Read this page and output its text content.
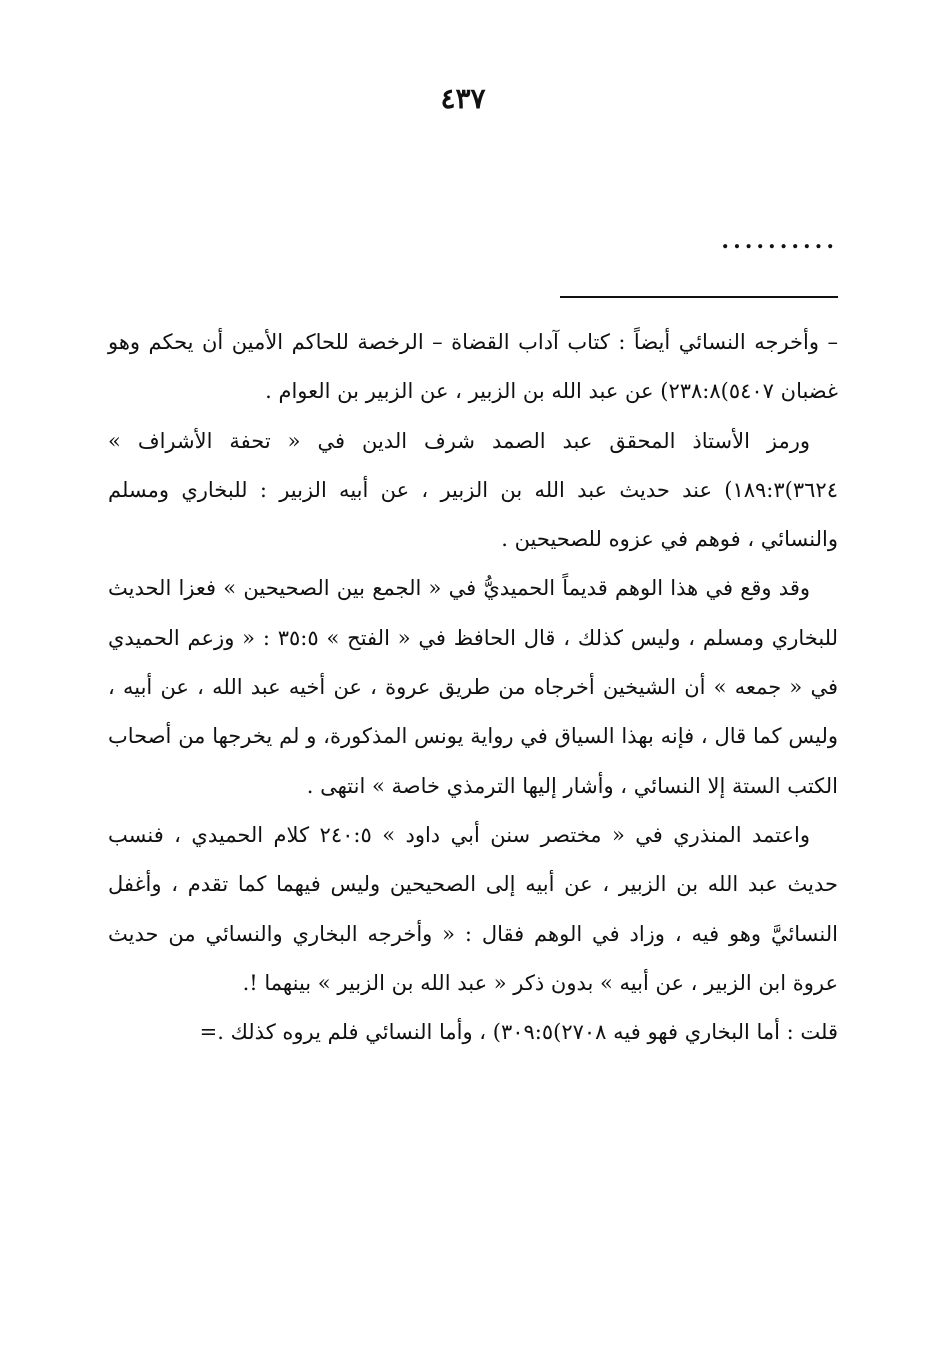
٤٣٧
..........

– وأخرجه النسائي أيضاً : كتاب آداب القضاة – الرخصة للحاكم الأمين أن يحكم وهو غضبان ٥٤٠٧)٢٣٨:٨) عن عبد الله بن الزبير ، عن الزبير بن العوام .

ورمز الأستاذ المحقق عبد الصمد شرف الدين في « تحفة الأشراف » ٣٦٢٤)١٨٩:٣) عند حديث عبد الله بن الزبير ، عن أبيه الزبير : للبخاري ومسلم والنسائي ، فوهم في عزوه للصحيحين .

وقد وقع في هذا الوهم قديماً الحميديُّ في « الجمع بين الصحيحين » فعزا الحديث للبخاري ومسلم ، وليس كذلك ، قال الحافظ في « الفتح » ٣٥:٥ : « وزعم الحميدي في « جمعه » أن الشيخين أخرجاه من طريق عروة ، عن أخيه عبد الله ، عن أبيه ، وليس كما قال ، فإنه بهذا السياق في رواية يونس المذكورة، و لم يخرجها من أصحاب الكتب الستة إلا النسائي ، وأشار إليها الترمذي خاصة » انتهى .

واعتمد المنذري في « مختصر سنن أبي داود » ٢٤٠:٥ كلام الحميدي ، فنسب حديث عبد الله بن الزبير ، عن أبيه إلى الصحيحين وليس فيهما كما تقدم ، وأغفل النسائيَّ وهو فيه ، وزاد في الوهم فقال : « وأخرجه البخاري والنسائي من حديث عروة ابن الزبير ، عن أبيه » بدون ذكر « عبد الله بن الزبير » بينهما !.

قلت : أما البخاري فهو فيه ٢٧٠٨)٣٠٩:٥) ، وأما النسائي فلم يروه كذلك .=
